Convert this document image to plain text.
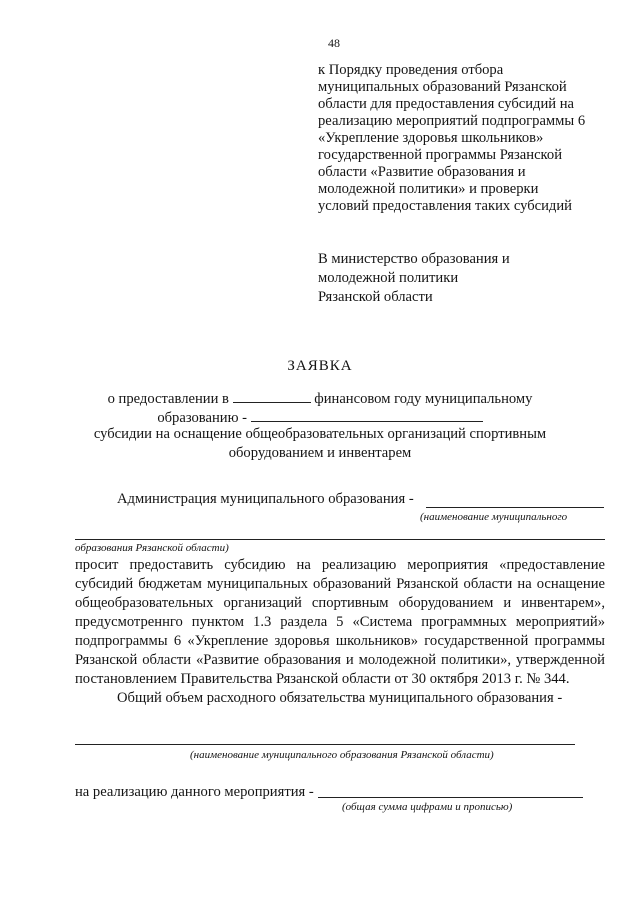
48
к Порядку проведения отбора
муниципальных образований Рязанской
области для предоставления субсидий на
реализацию мероприятий подпрограммы 6
«Укрепление здоровья школьников»
государственной программы Рязанской
области «Развитие образования и
молодежной политики» и проверки
условий предоставления таких субсидий
В министерство образования и
молодежной политики
Рязанской области
ЗАЯВКА
о предоставлении в	финансовом году муниципальному
образованию -
субсидии на оснащение общеобразовательных организаций спортивным
оборудованием и инвентарем
Администрация муниципального образования -
(наименование муниципального
образования Рязанской области)

просит предоставить субсидию на реализацию мероприятия «предоставление субсидий бюджетам муниципальных образований Рязанской области на оснащение общеобразовательных организаций спортивным оборудованием и инвентарем», предусмотреннго пунктом 1.3 раздела 5 «Система программных мероприятий» подпрограммы 6 «Укрепление здоровья школьников» государственной программы Рязанской области «Развитие образования и молодежной политики», утвержденной постановлением Правительства Рязанской области от 30 октября 2013 г. № 344.

Общий объем расходного обязательства муниципального образования -

(наименование муниципального образования Рязанской области)
на реализацию данного мероприятия -
(общая сумма цифрами и прописью)
